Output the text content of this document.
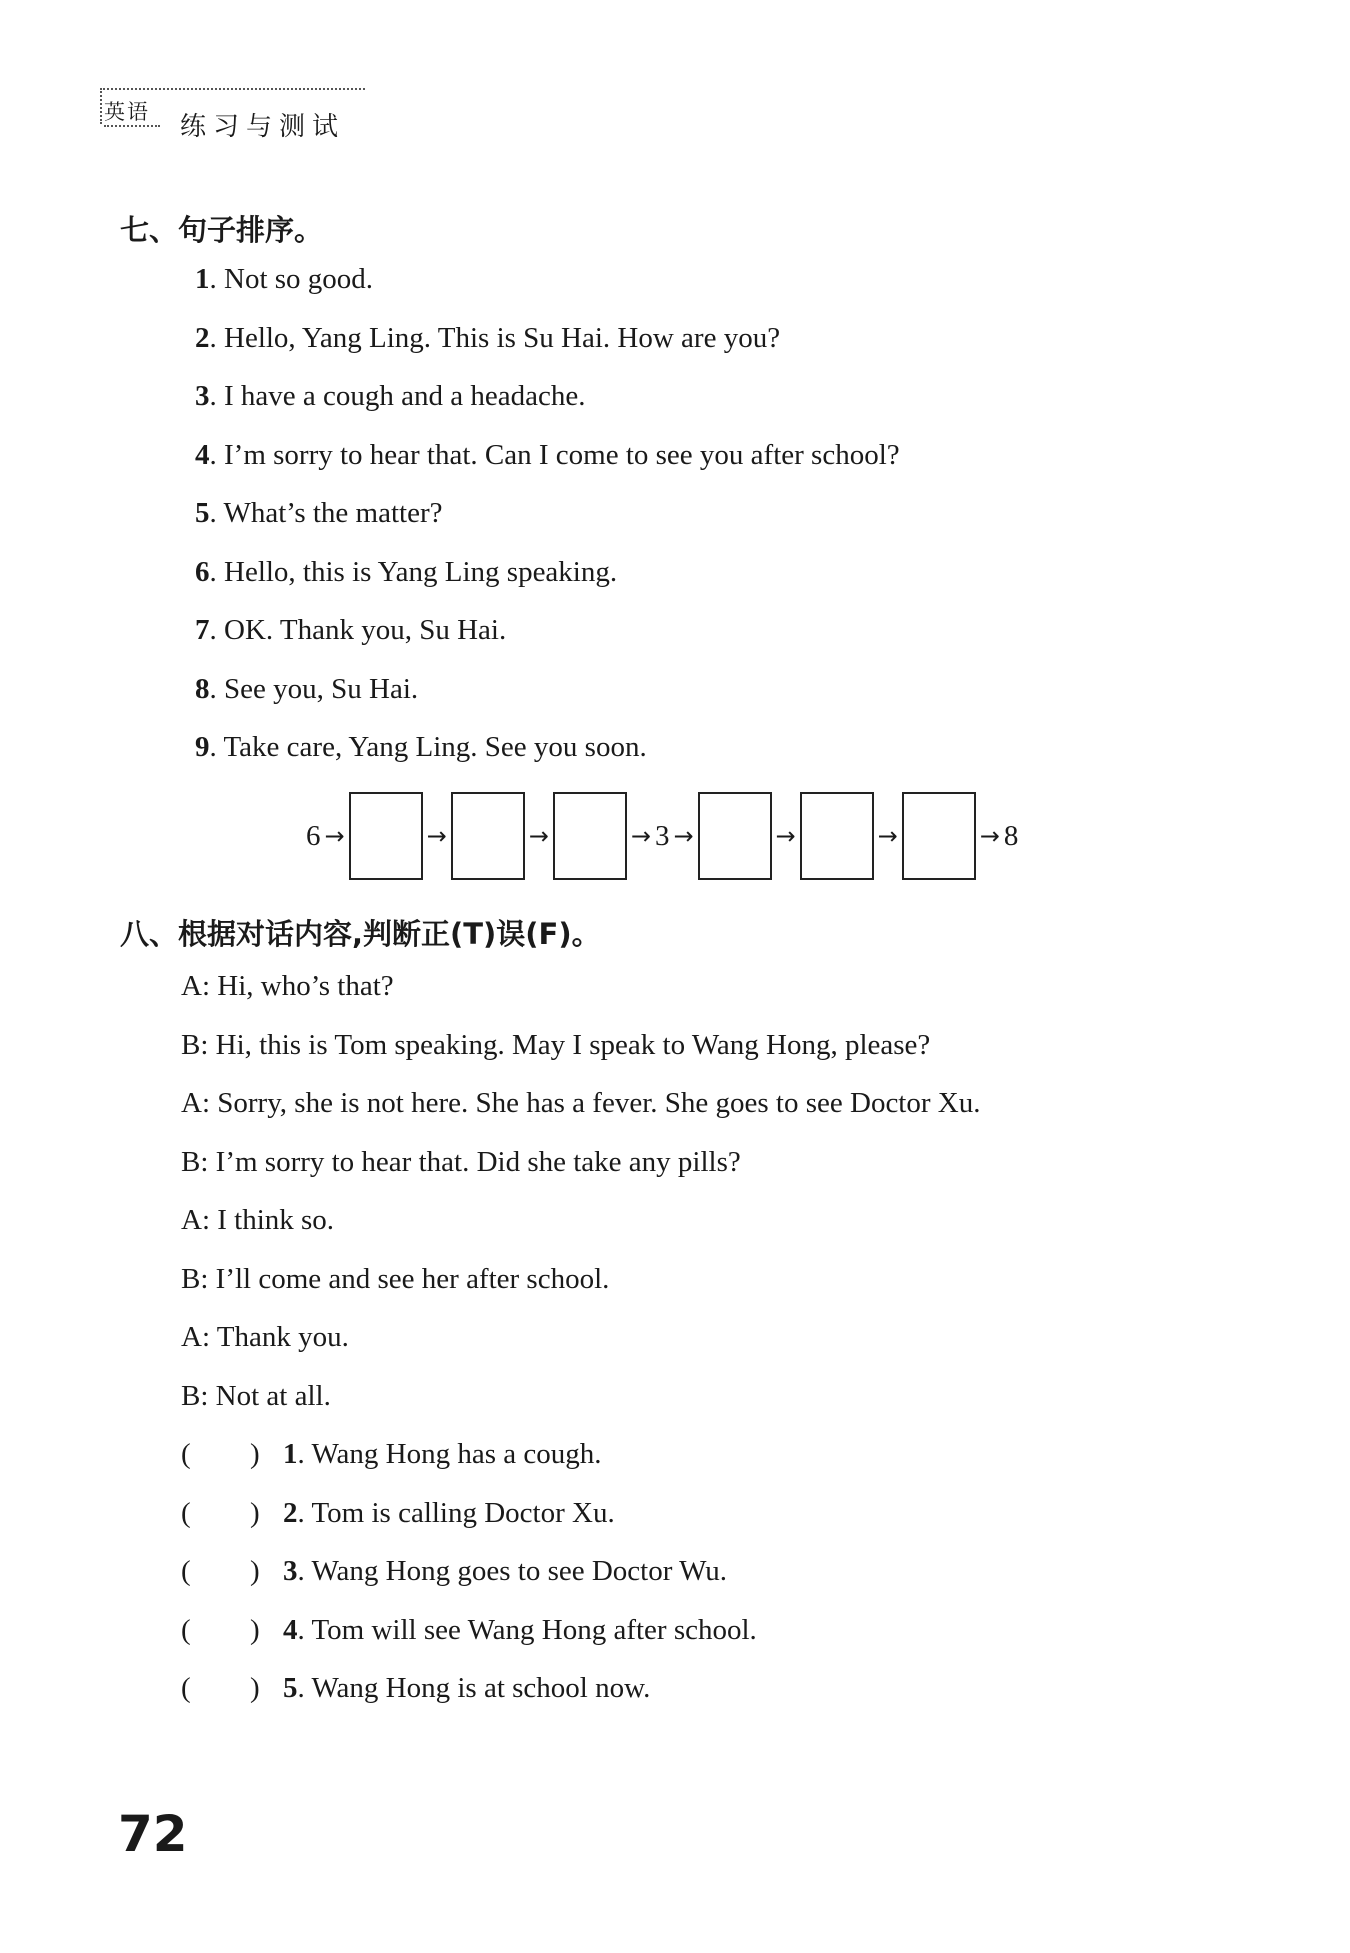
英语 练习与测试
七、句子排序。
1. Not so good.
2. Hello, Yang Ling. This is Su Hai. How are you?
3. I have a cough and a headache.
4. I’m sorry to hear that. Can I come to see you after school?
5. What’s the matter?
6. Hello, this is Yang Ling speaking.
7. OK. Thank you, Su Hai.
8. See you, Su Hai.
9. Take care, Yang Ling. See you soon.
6 →	→	→	→ 3 →	→	→	→ 8
八、根据对话内容,判断正(T)误(F)。
A: Hi, who’s that?
B: Hi, this is Tom speaking. May I speak to Wang Hong, please?
A: Sorry, she is not here. She has a fever. She goes to see Doctor Xu.
B: I’m sorry to hear that. Did she take any pills?
A: I think so.
B: I’ll come and see her after school.
A: Thank you.
B: Not at all.
( ) 1. Wang Hong has a cough.
( ) 2. Tom is calling Doctor Xu.
( ) 3. Wang Hong goes to see Doctor Wu.
( ) 4. Tom will see Wang Hong after school.
( ) 5. Wang Hong is at school now.
72
